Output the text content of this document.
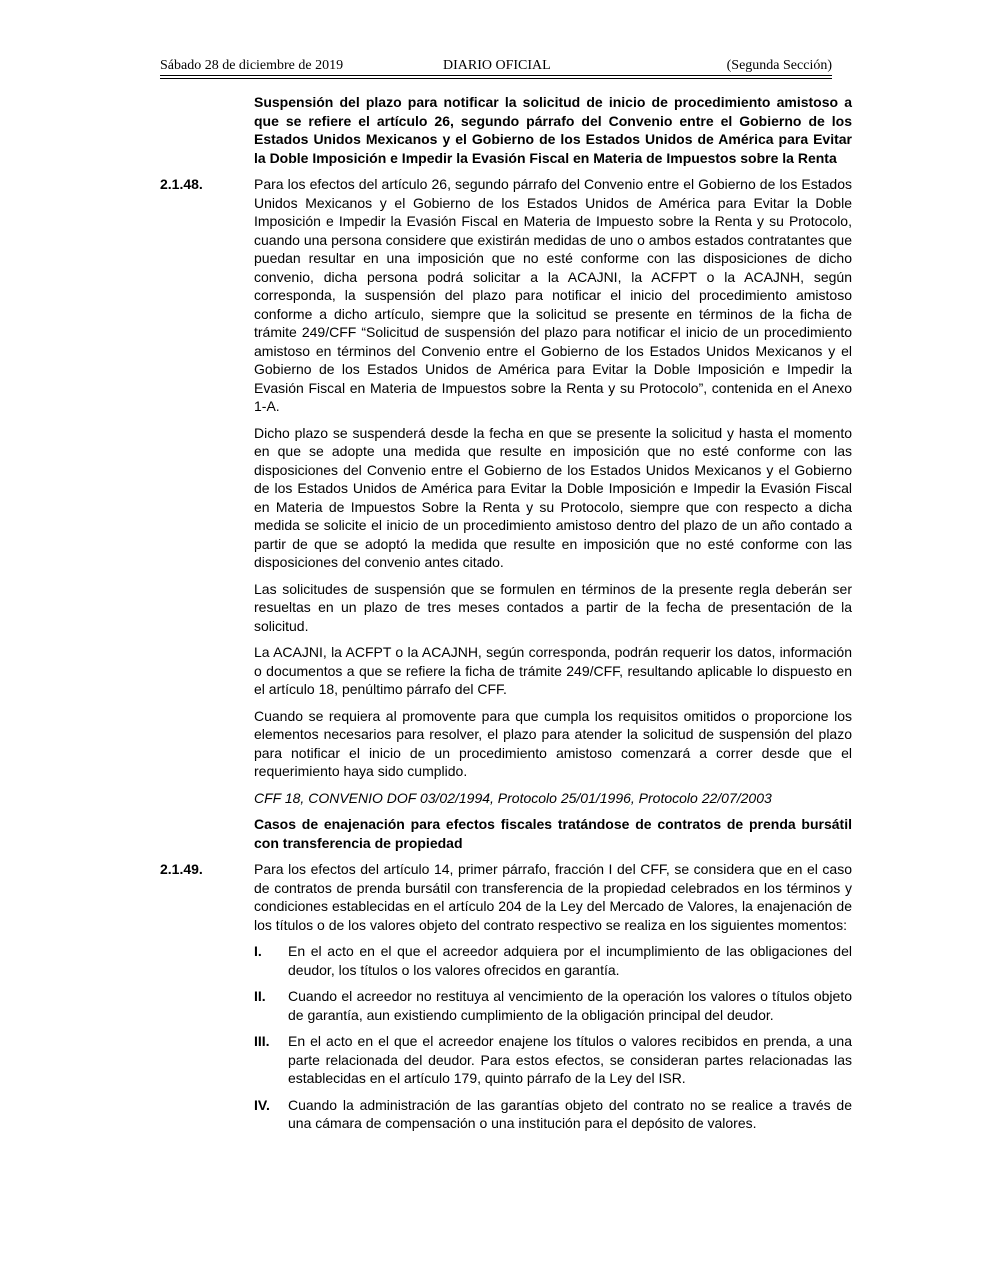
Sábado 28 de diciembre de 2019	DIARIO OFICIAL	(Segunda Sección)
Suspensión del plazo para notificar la solicitud de inicio de procedimiento amistoso a que se refiere el artículo 26, segundo párrafo del Convenio entre el Gobierno de los Estados Unidos Mexicanos y el Gobierno de los Estados Unidos de América para Evitar la Doble Imposición e Impedir la Evasión Fiscal en Materia de Impuestos sobre la Renta
2.1.48.	Para los efectos del artículo 26, segundo párrafo del Convenio entre el Gobierno de los Estados Unidos Mexicanos y el Gobierno de los Estados Unidos de América para Evitar la Doble Imposición e Impedir la Evasión Fiscal en Materia de Impuesto sobre la Renta y su Protocolo, cuando una persona considere que existirán medidas de uno o ambos estados contratantes que puedan resultar en una imposición que no esté conforme con las disposiciones de dicho convenio, dicha persona podrá solicitar a la ACAJNI, la ACFPT o la ACAJNH, según corresponda, la suspensión del plazo para notificar el inicio del procedimiento amistoso conforme a dicho artículo, siempre que la solicitud se presente en términos de la ficha de trámite 249/CFF “Solicitud de suspensión del plazo para notificar el inicio de un procedimiento amistoso en términos del Convenio entre el Gobierno de los Estados Unidos Mexicanos y el Gobierno de los Estados Unidos de América para Evitar la Doble Imposición e Impedir la Evasión Fiscal en Materia de Impuestos sobre la Renta y su Protocolo”, contenida en el Anexo 1-A.

Dicho plazo se suspenderá desde la fecha en que se presente la solicitud y hasta el momento en que se adopte una medida que resulte en imposición que no esté conforme con las disposiciones del Convenio entre el Gobierno de los Estados Unidos Mexicanos y el Gobierno de los Estados Unidos de América para Evitar la Doble Imposición e Impedir la Evasión Fiscal en Materia de Impuestos Sobre la Renta y su Protocolo, siempre que con respecto a dicha medida se solicite el inicio de un procedimiento amistoso dentro del plazo de un año contado a partir de que se adoptó la medida que resulte en imposición que no esté conforme con las disposiciones del convenio antes citado.

Las solicitudes de suspensión que se formulen en términos de la presente regla deberán ser resueltas en un plazo de tres meses contados a partir de la fecha de presentación de la solicitud.

La ACAJNI, la ACFPT o la ACAJNH, según corresponda, podrán requerir los datos, información o documentos a que se refiere la ficha de trámite 249/CFF, resultando aplicable lo dispuesto en el artículo 18, penúltimo párrafo del CFF.

Cuando se requiera al promovente para que cumpla los requisitos omitidos o proporcione los elementos necesarios para resolver, el plazo para atender la solicitud de suspensión del plazo para notificar el inicio de un procedimiento amistoso comenzará a correr desde que el requerimiento haya sido cumplido.

CFF 18, CONVENIO DOF 03/02/1994, Protocolo 25/01/1996, Protocolo 22/07/2003
Casos de enajenación para efectos fiscales tratándose de contratos de prenda bursátil con transferencia de propiedad
2.1.49.	Para los efectos del artículo 14, primer párrafo, fracción I del CFF, se considera que en el caso de contratos de prenda bursátil con transferencia de la propiedad celebrados en los términos y condiciones establecidas en el artículo 204 de la Ley del Mercado de Valores, la enajenación de los títulos o de los valores objeto del contrato respectivo se realiza en los siguientes momentos:

I. En el acto en el que el acreedor adquiera por el incumplimiento de las obligaciones del deudor, los títulos o los valores ofrecidos en garantía.
II. Cuando el acreedor no restituya al vencimiento de la operación los valores o títulos objeto de garantía, aun existiendo cumplimiento de la obligación principal del deudor.
III. En el acto en el que el acreedor enajene los títulos o valores recibidos en prenda, a una parte relacionada del deudor. Para estos efectos, se consideran partes relacionadas las establecidas en el artículo 179, quinto párrafo de la Ley del ISR.
IV. Cuando la administración de las garantías objeto del contrato no se realice a través de una cámara de compensación o una institución para el depósito de valores.
